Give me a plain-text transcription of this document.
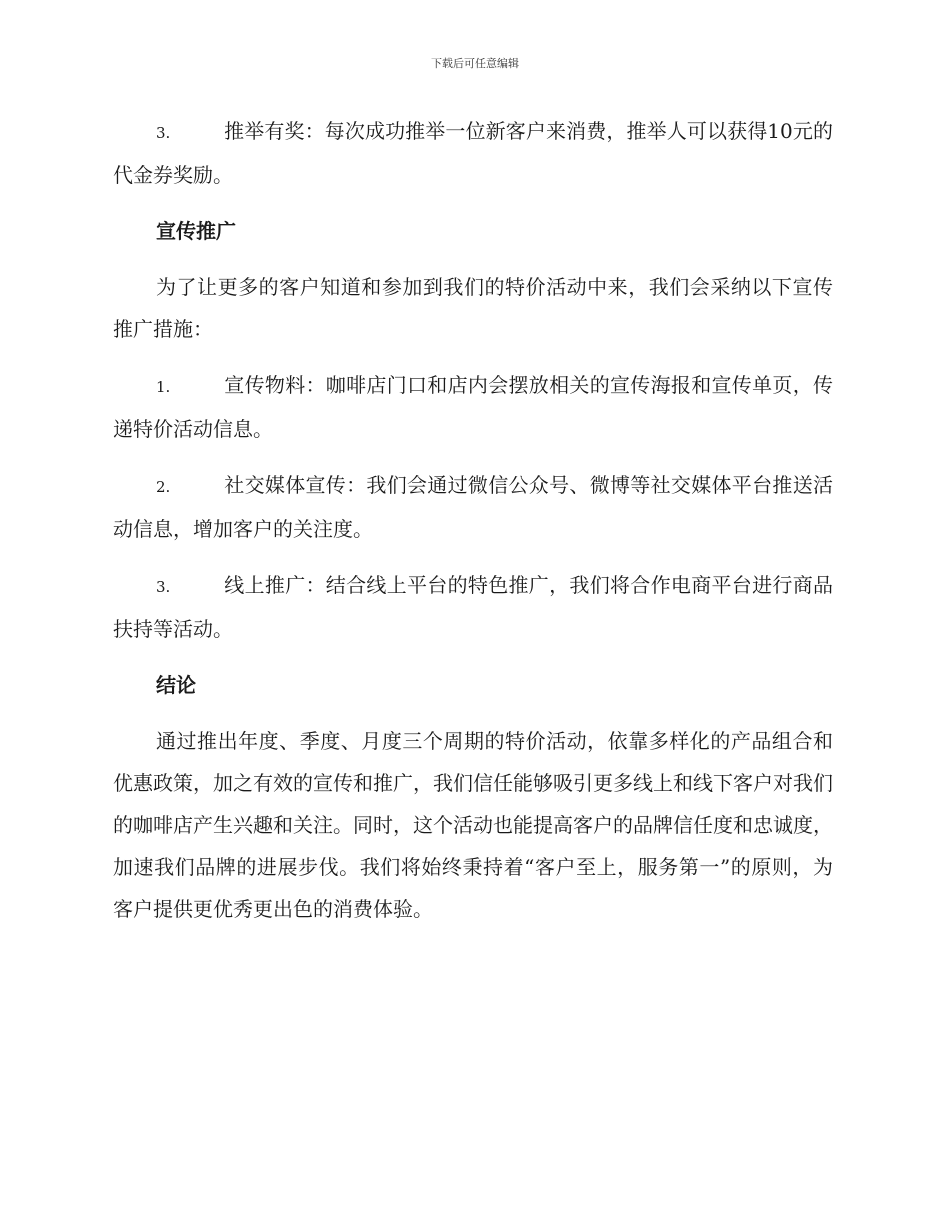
下载后可任意编辑

3.	推举有奖：每次成功推举一位新客户来消费，推举人可以获得10元的代金券奖励。

宣传推广

为了让更多的客户知道和参加到我们的特价活动中来，我们会采纳以下宣传推广措施：

1.	宣传物料：咖啡店门口和店内会摆放相关的宣传海报和宣传单页，传递特价活动信息。

2.	社交媒体宣传：我们会通过微信公众号、微博等社交媒体平台推送活动信息，增加客户的关注度。

3.	线上推广：结合线上平台的特色推广，我们将合作电商平台进行商品扶持等活动。

结论

通过推出年度、季度、月度三个周期的特价活动，依靠多样化的产品组合和优惠政策，加之有效的宣传和推广，我们信任能够吸引更多线上和线下客户对我们的咖啡店产生兴趣和关注。同时，这个活动也能提高客户的品牌信任度和忠诚度，加速我们品牌的进展步伐。我们将始终秉持着“客户至上，服务第一”的原则，为客户提供更优秀更出色的消费体验。
